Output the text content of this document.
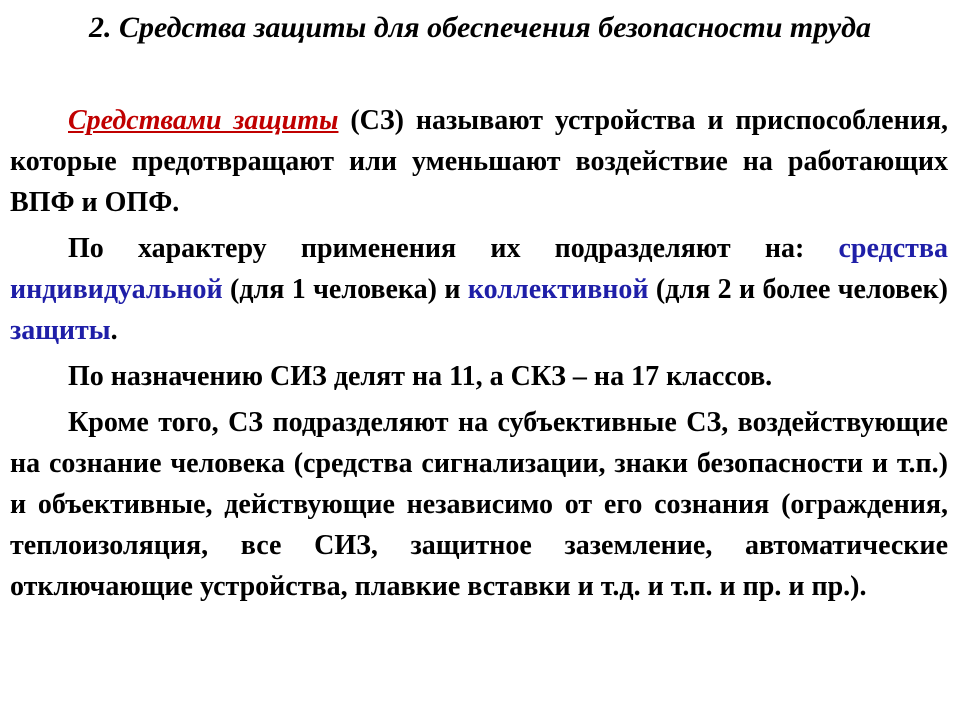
2. Средства защиты для обеспечения безопасности труда

Средствами защиты (СЗ) называют устройства и приспособления, которые предотвращают или уменьшают воздействие на работающих ВПФ и ОПФ.

По характеру применения их подразделяют на: средства индивидуальной (для 1 человека) и коллективной (для 2 и более человек) защиты.

По назначению СИЗ делят на 11, а СКЗ – на 17 классов.

Кроме того, СЗ подразделяют на субъективные СЗ, воздействующие на сознание человека (средства сигнализации, знаки безопасности и т.п.) и объективные, действующие независимо от его сознания (ограждения, теплоизоляция, все СИЗ, защитное заземление, автоматические отключающие устройства, плавкие вставки и т.д. и т.п. и пр. и пр.).
